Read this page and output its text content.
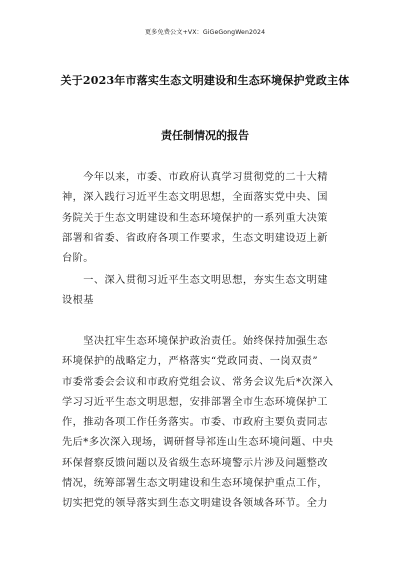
更多免费公文+VX：GiGeGongWen2024
关于2023年市落实生态文明建设和生态环境保护党政主体
责任制情况的报告
　　今年以来，市委、市政府认真学习贯彻党的二十大精
神，深入践行习近平生态文明思想，全面落实党中央、国
务院关于生态文明建设和生态环境保护的一系列重大决策
部署和省委、省政府各项工作要求，生态文明建设迈上新
台阶。
　　一、深入贯彻习近平生态文明思想，夯实生态文明建
设根基
　　坚决扛牢生态环境保护政治责任。始终保持加强生态
环境保护的战略定力，严格落实“党政同责、一岗双责”
市委常委会会议和市政府党组会议、常务会议先后*次深入
学习习近平生态文明思想，安排部署全市生态环境保护工
作，推动各项工作任务落实。市委、市政府主要负责同志
先后*多次深入现场，调研督导祁连山生态环境问题、中央
环保督察反馈问题以及省级生态环境警示片涉及问题整改
情况，统筹部署生态文明建设和生态环境保护重点工作，
切实把党的领导落实到生态文明建设各领域各环节。全力
